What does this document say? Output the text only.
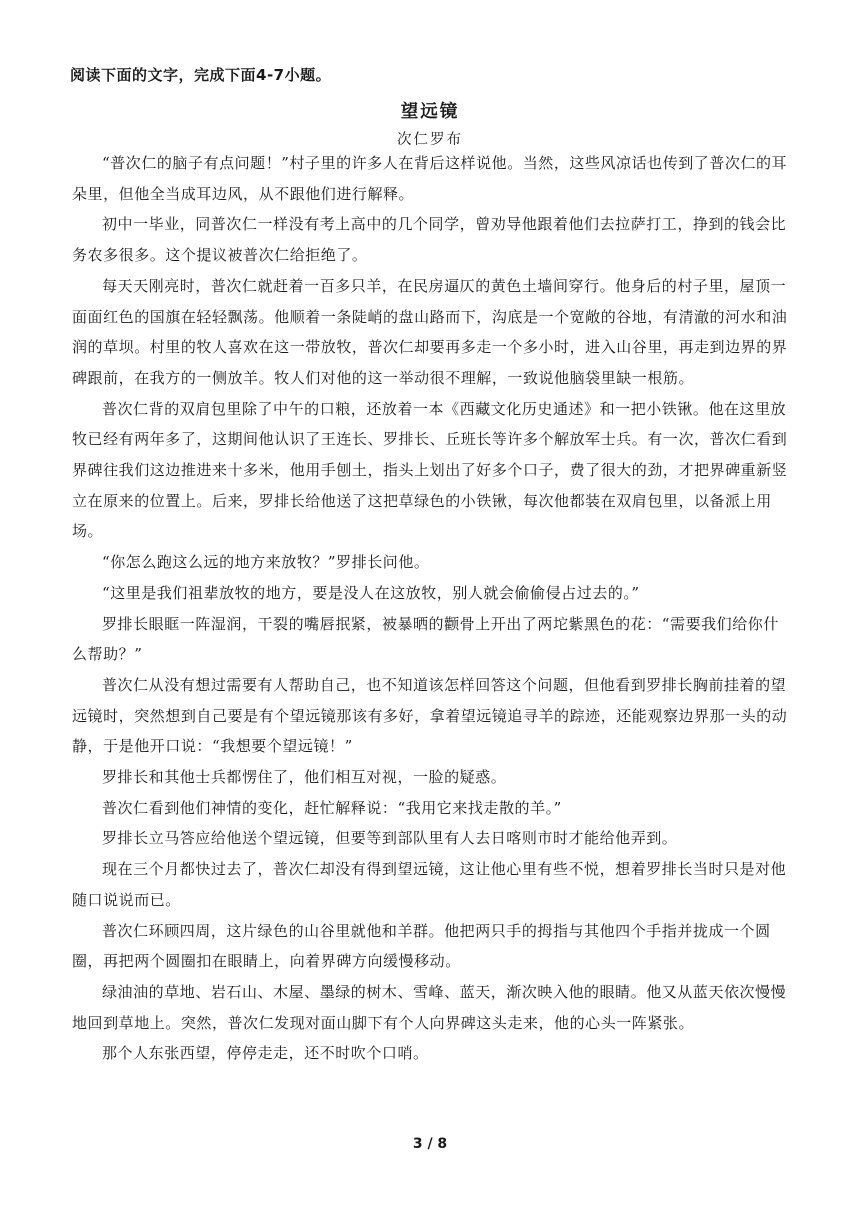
阅读下面的文字，完成下面4-7小题。
望远镜
次仁罗布

“普次仁的脑子有点问题！”村子里的许多人在背后这样说他。当然，这些风凉话也传到了普次仁的耳朵里，但他全当成耳边风，从不跟他们进行解释。

初中一毕业，同普次仁一样没有考上高中的几个同学，曾劝导他跟着他们去拉萨打工，挣到的钱会比务农多很多。这个提议被普次仁给拒绝了。

每天天刚亮时，普次仁就赶着一百多只羊，在民房逼仄的黄色土墙间穿行。他身后的村子里，屋顶一面面红色的国旗在轻轻飘荡。他顺着一条陡峭的盘山路而下，沟底是一个宽敞的谷地，有清澈的河水和油润的草坝。村里的牧人喜欢在这一带放牧，普次仁却要再多走一个多小时，进入山谷里，再走到边界的界碑跟前，在我方的一侧放羊。牧人们对他的这一举动很不理解，一致说他脑袋里缺一根筋。

普次仁背的双肩包里除了中午的口粮，还放着一本《西藏文化历史通述》和一把小铁锹。他在这里放牧已经有两年多了，这期间他认识了王连长、罗排长、丘班长等许多个解放军士兵。有一次，普次仁看到界碑往我们这边推进来十多米，他用手刨土，指头上划出了好多个口子，费了很大的劲，才把界碑重新竖立在原来的位置上。后来，罗排长给他送了这把草绿色的小铁锹，每次他都装在双肩包里，以备派上用场。

“你怎么跑这么远的地方来放牧？”罗排长问他。

“这里是我们祖辈放牧的地方，要是没人在这放牧，别人就会偷偷侵占过去的。”

罗排长眼眶一阵湿润，干裂的嘴唇抿紧，被暴晒的颧骨上开出了两坨紫黑色的花：“需要我们给你什么帮助？”

普次仁从没有想过需要有人帮助自己，也不知道该怎样回答这个问题，但他看到罗排长胸前挂着的望远镜时，突然想到自己要是有个望远镜那该有多好，拿着望远镜追寻羊的踪迹，还能观察边界那一头的动静，于是他开口说：“我想要个望远镜！”

罗排长和其他士兵都愣住了，他们相互对视，一脸的疑惑。

普次仁看到他们神情的变化，赶忙解释说：“我用它来找走散的羊。”

罗排长立马答应给他送个望远镜，但要等到部队里有人去日喀则市时才能给他弄到。

现在三个月都快过去了，普次仁却没有得到望远镜，这让他心里有些不悦，想着罗排长当时只是对他随口说说而已。

普次仁环顾四周，这片绿色的山谷里就他和羊群。他把两只手的拇指与其他四个手指并拢成一个圆圈，再把两个圆圈扣在眼睛上，向着界碑方向缓慢移动。

绿油油的草地、岩石山、木屋、墨绿的树木、雪峰、蓝天，渐次映入他的眼睛。他又从蓝天依次慢慢地回到草地上。突然，普次仁发现对面山脚下有个人向界碑这头走来，他的心头一阵紧张。

那个人东张西望，停停走走，还不时吹个口哨。

3 / 8
